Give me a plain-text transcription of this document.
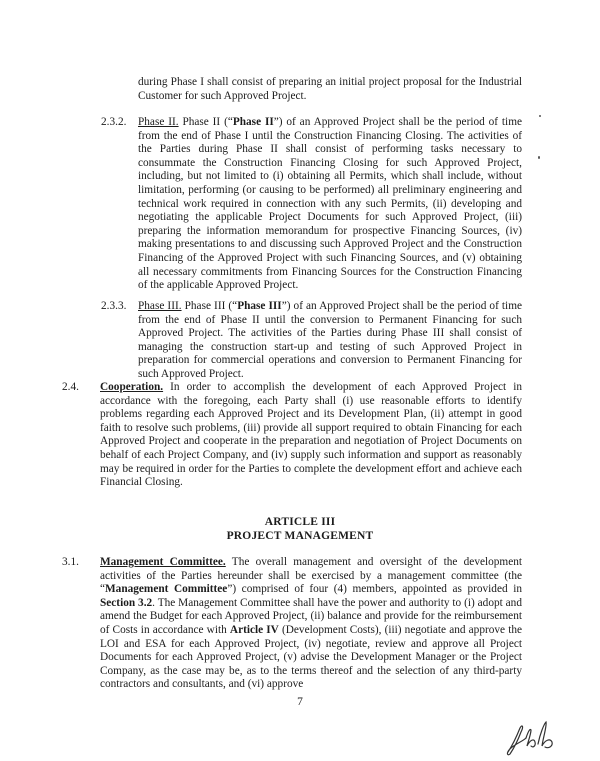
during Phase I shall consist of preparing an initial project proposal for the Industrial Customer for such Approved Project.

2.3.2. Phase II. Phase II (“Phase II”) of an Approved Project shall be the period of time from the end of Phase I until the Construction Financing Closing. The activities of the Parties during Phase II shall consist of performing tasks necessary to consummate the Construction Financing Closing for such Approved Project, including, but not limited to (i) obtaining all Permits, which shall include, without limitation, performing (or causing to be performed) all preliminary engineering and technical work required in connection with any such Permits, (ii) developing and negotiating the applicable Project Documents for such Approved Project, (iii) preparing the information memorandum for prospective Financing Sources, (iv) making presentations to and discussing such Approved Project and the Construction Financing of the Approved Project with such Financing Sources, and (v) obtaining all necessary commitments from Financing Sources for the Construction Financing of the applicable Approved Project.

2.3.3. Phase III. Phase III (“Phase III”) of an Approved Project shall be the period of time from the end of Phase II until the conversion to Permanent Financing for such Approved Project. The activities of the Parties during Phase III shall consist of managing the construction start-up and testing of such Approved Project in preparation for commercial operations and conversion to Permanent Financing for such Approved Project.

2.4. Cooperation. In order to accomplish the development of each Approved Project in accordance with the foregoing, each Party shall (i) use reasonable efforts to identify problems regarding each Approved Project and its Development Plan, (ii) attempt in good faith to resolve such problems, (iii) provide all support required to obtain Financing for each Approved Project and cooperate in the preparation and negotiation of Project Documents on behalf of each Project Company, and (iv) supply such information and support as reasonably may be required in order for the Parties to complete the development effort and achieve each Financial Closing.

ARTICLE III
PROJECT MANAGEMENT
3.1. Management Committee. The overall management and oversight of the development activities of the Parties hereunder shall be exercised by a management committee (the “Management Committee”) comprised of four (4) members, appointed as provided in Section 3.2. The Management Committee shall have the power and authority to (i) adopt and amend the Budget for each Approved Project, (ii) balance and provide for the reimbursement of Costs in accordance with Article IV (Development Costs), (iii) negotiate and approve the LOI and ESA for each Approved Project, (iv) negotiate, review and approve all Project Documents for each Approved Project, (v) advise the Development Manager or the Project Company, as the case may be, as to the terms thereof and the selection of any third-party contractors and consultants, and (vi) approve

7
